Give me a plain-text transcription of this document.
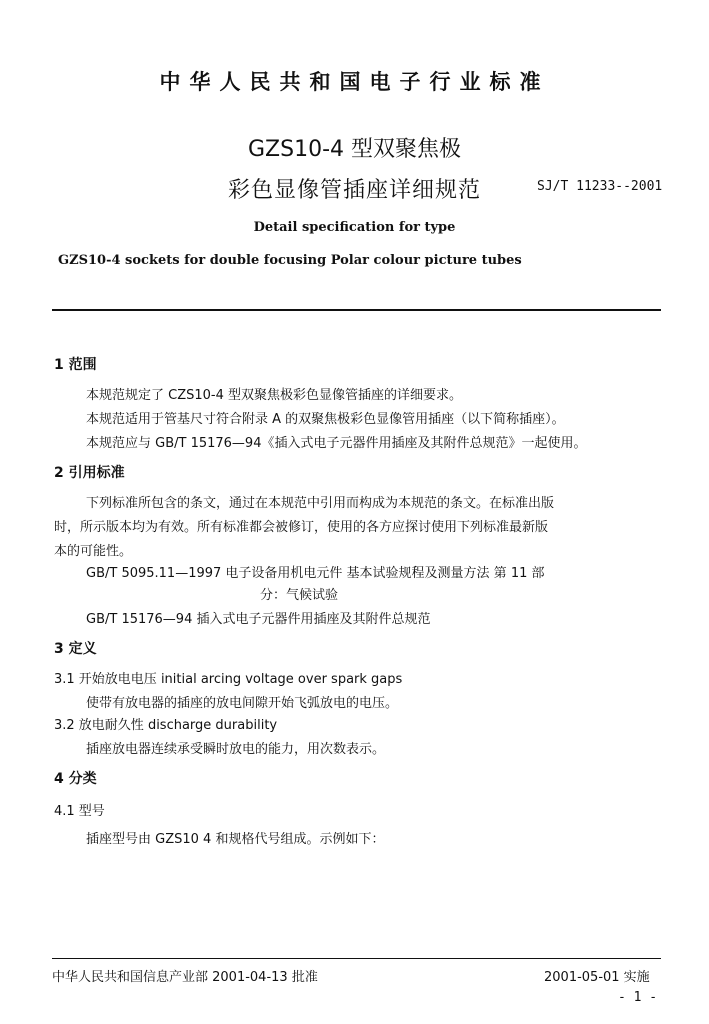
中华人民共和国电子行业标准
GZS10-4 型双聚焦极
彩色显像管插座详细规范	SJ/T 11233--2001
Detail specification for type
GZS10-4 sockets for double focusing Polar colour picture tubes
1 范围
本规范规定了 CZS10-4 型双聚焦极彩色显像管插座的详细要求。
本规范适用于管基尺寸符合附录 A 的双聚焦极彩色显像管用插座（以下简称插座）。
本规范应与 GB/T 15176—94《插入式电子元器件用插座及其附件总规范》一起使用。
2 引用标准
下列标准所包含的条文，通过在本规范中引用而构成为本规范的条文。在标准出版
时，所示版本均为有效。所有标准都会被修订，使用的各方应探讨使用下列标准最新版
本的可能性。
GB/T 5095.11—1997 电子设备用机电元件 基本试验规程及测量方法 第 11 部
分：气候试验
GB/T 15176—94 插入式电子元器件用插座及其附件总规范
3 定义
3.1 开始放电电压 initial arcing voltage over spark gaps
使带有放电器的插座的放电间隙开始飞弧放电的电压。
3.2 放电耐久性 discharge durability
插座放电器连续承受瞬时放电的能力，用次数表示。
4 分类
4.1 型号
插座型号由 GZS10 4 和规格代号组成。示例如下：
中华人民共和国信息产业部 2001-04-13 批准	2001-05-01 实施
- 1 -
